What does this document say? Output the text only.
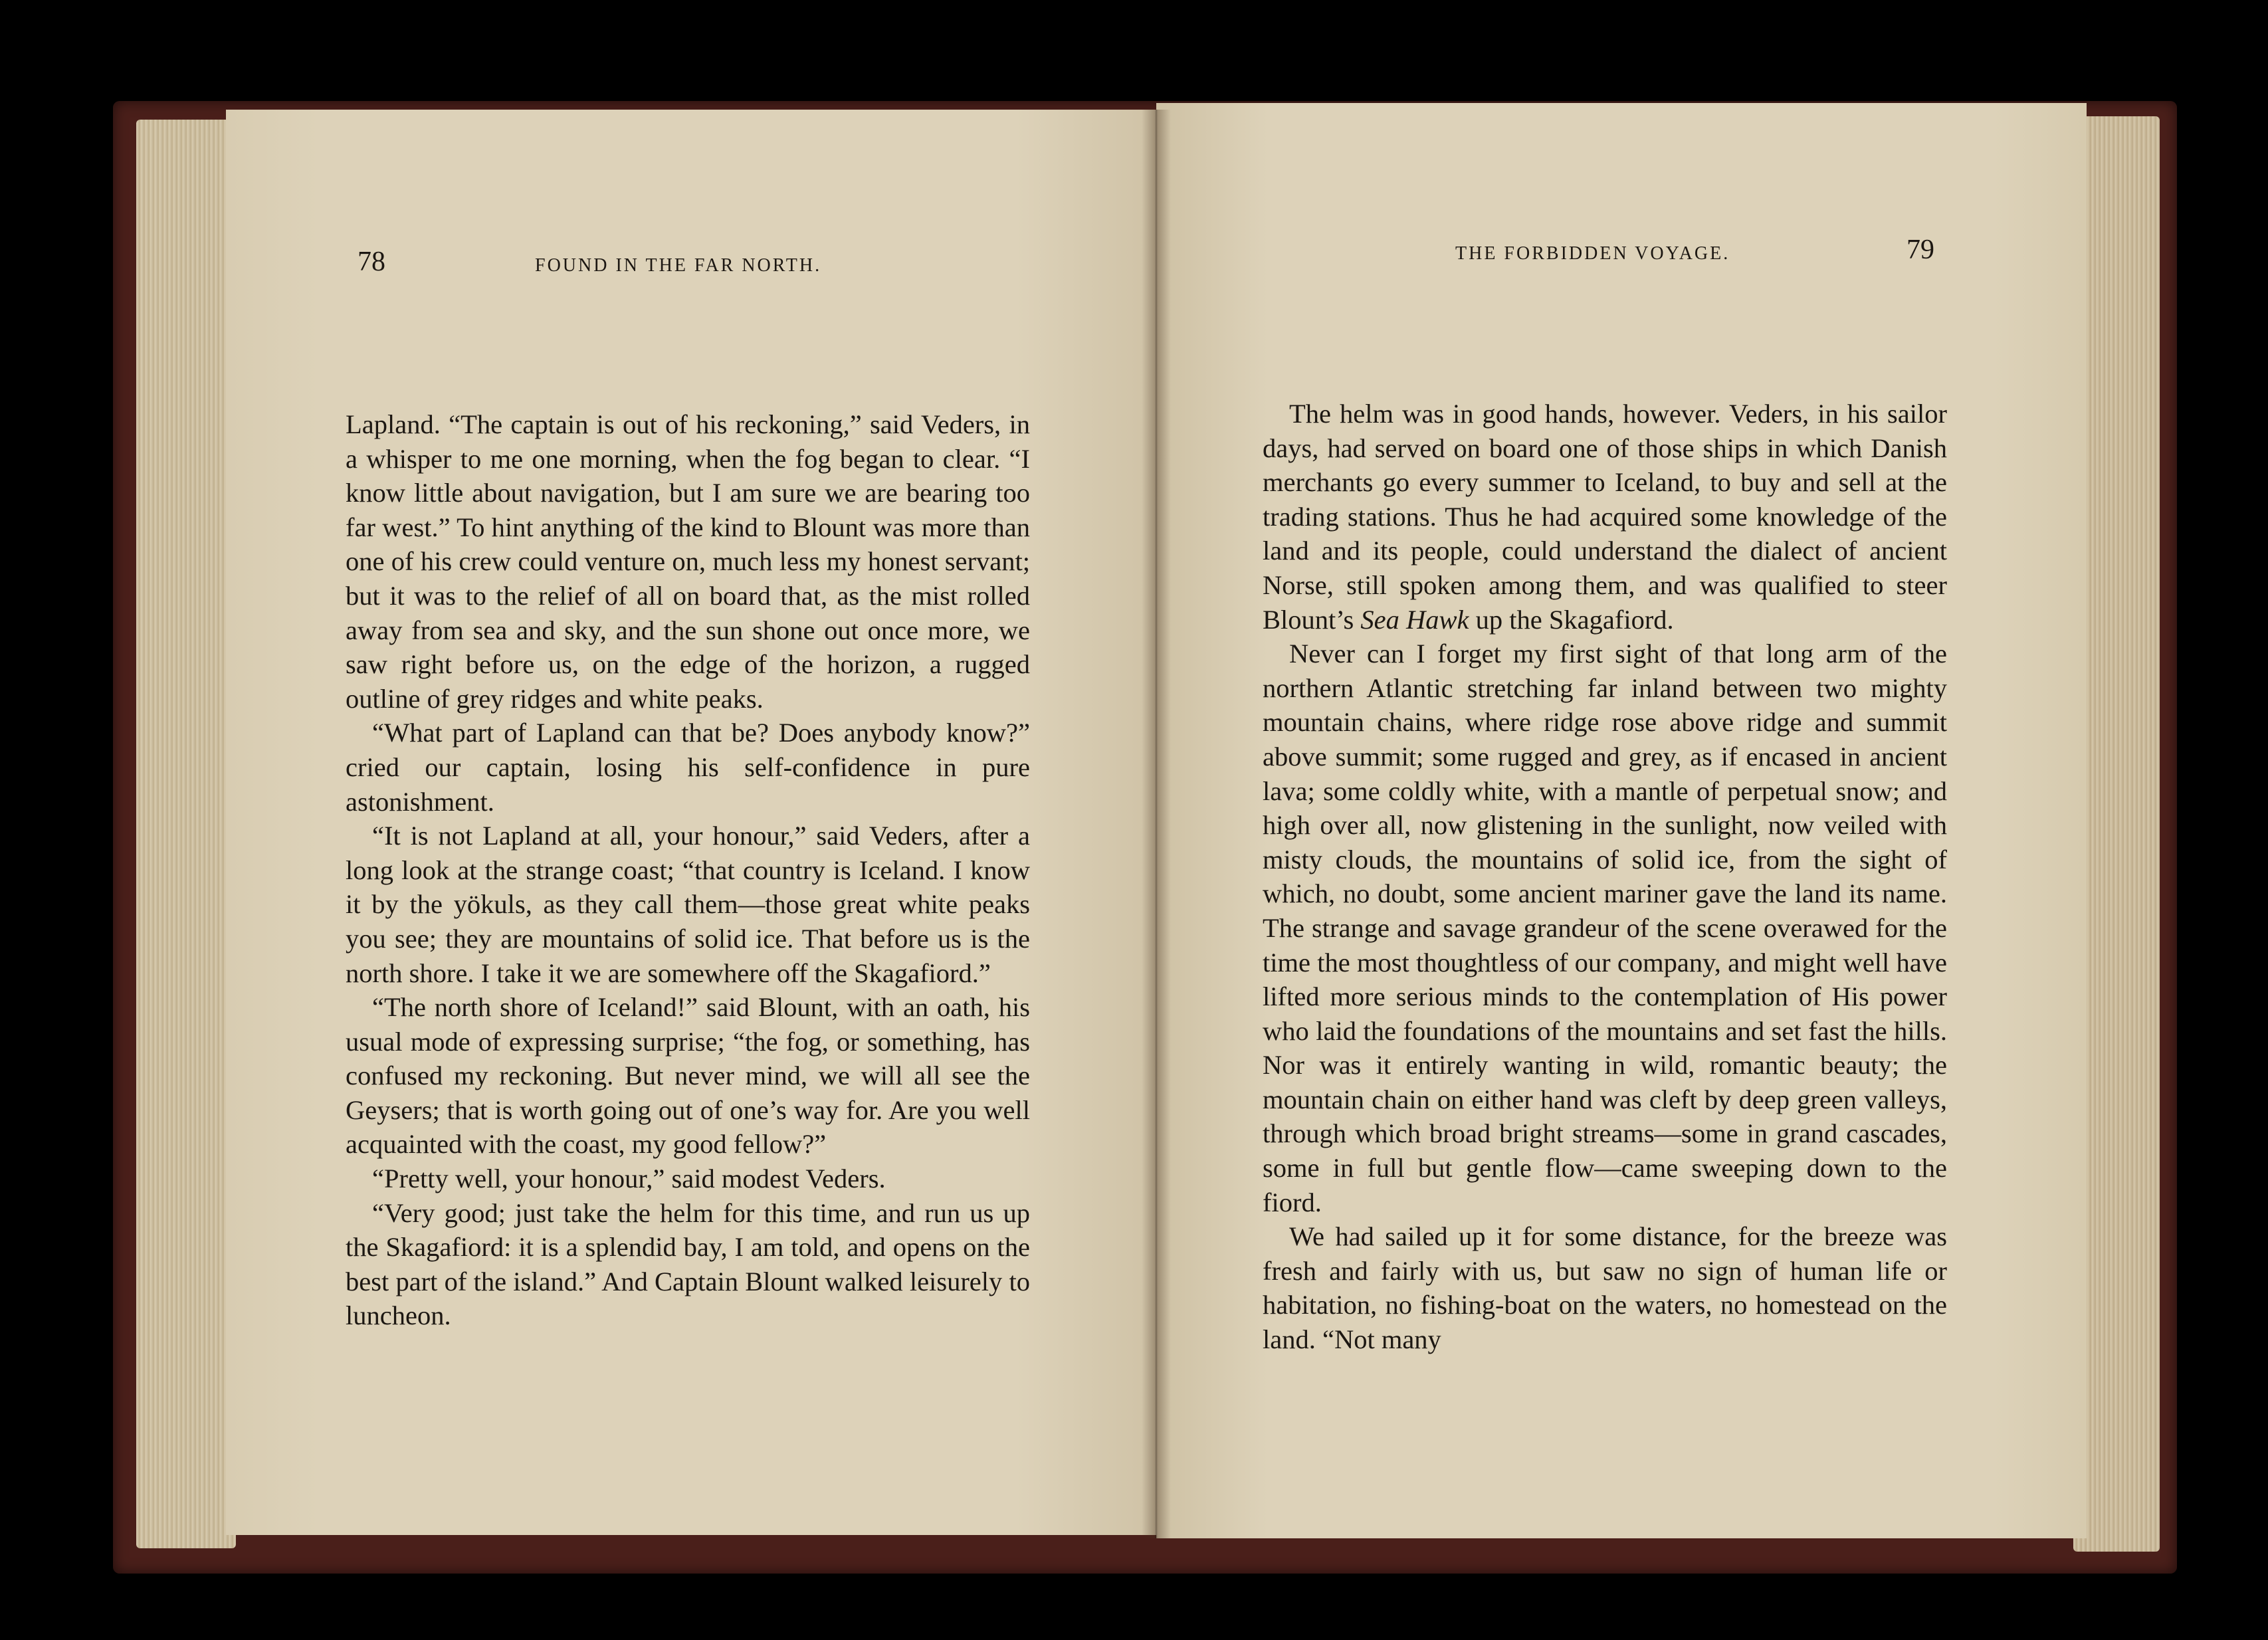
78	FOUND IN THE FAR NORTH.

Lapland. “The captain is out of his reckoning,” said Veders, in a whisper to me one morning, when the fog began to clear. “I know little about navigation, but I am sure we are bearing too far west.” To hint anything of the kind to Blount was more than one of his crew could venture on, much less my honest servant; but it was to the relief of all on board that, as the mist rolled away from sea and sky, and the sun shone out once more, we saw right before us, on the edge of the horizon, a rugged outline of grey ridges and white peaks.

“What part of Lapland can that be? Does anybody know?” cried our captain, losing his self-confidence in pure astonishment.

“It is not Lapland at all, your honour,” said Veders, after a long look at the strange coast; “that country is Iceland. I know it by the yökuls, as they call them—those great white peaks you see; they are mountains of solid ice. That before us is the north shore. I take it we are somewhere off the Skagafiord.”

“The north shore of Iceland!” said Blount, with an oath, his usual mode of expressing surprise; “the fog, or something, has confused my reckoning. But never mind, we will all see the Geysers; that is worth going out of one’s way for. Are you well acquainted with the coast, my good fellow?”

“Pretty well, your honour,” said modest Veders.

“Very good; just take the helm for this time, and run us up the Skagafiord: it is a splendid bay, I am told, and opens on the best part of the island.” And Captain Blount walked leisurely to luncheon.

THE FORBIDDEN VOYAGE.	79

The helm was in good hands, however. Veders, in his sailor days, had served on board one of those ships in which Danish merchants go every summer to Iceland, to buy and sell at the trading stations. Thus he had acquired some knowledge of the land and its people, could understand the dialect of ancient Norse, still spoken among them, and was qualified to steer Blount’s Sea Hawk up the Skagafiord.

Never can I forget my first sight of that long arm of the northern Atlantic stretching far inland between two mighty mountain chains, where ridge rose above ridge and summit above summit; some rugged and grey, as if encased in ancient lava; some coldly white, with a mantle of perpetual snow; and high over all, now glistening in the sunlight, now veiled with misty clouds, the mountains of solid ice, from the sight of which, no doubt, some ancient mariner gave the land its name. The strange and savage grandeur of the scene overawed for the time the most thoughtless of our company, and might well have lifted more serious minds to the contemplation of His power who laid the foundations of the mountains and set fast the hills. Nor was it entirely wanting in wild, romantic beauty; the mountain chain on either hand was cleft by deep green valleys, through which broad bright streams—some in grand cascades, some in full but gentle flow—came sweeping down to the fiord.

We had sailed up it for some distance, for the breeze was fresh and fairly with us, but saw no sign of human life or habitation, no fishing-boat on the waters, no homestead on the land. “Not many
